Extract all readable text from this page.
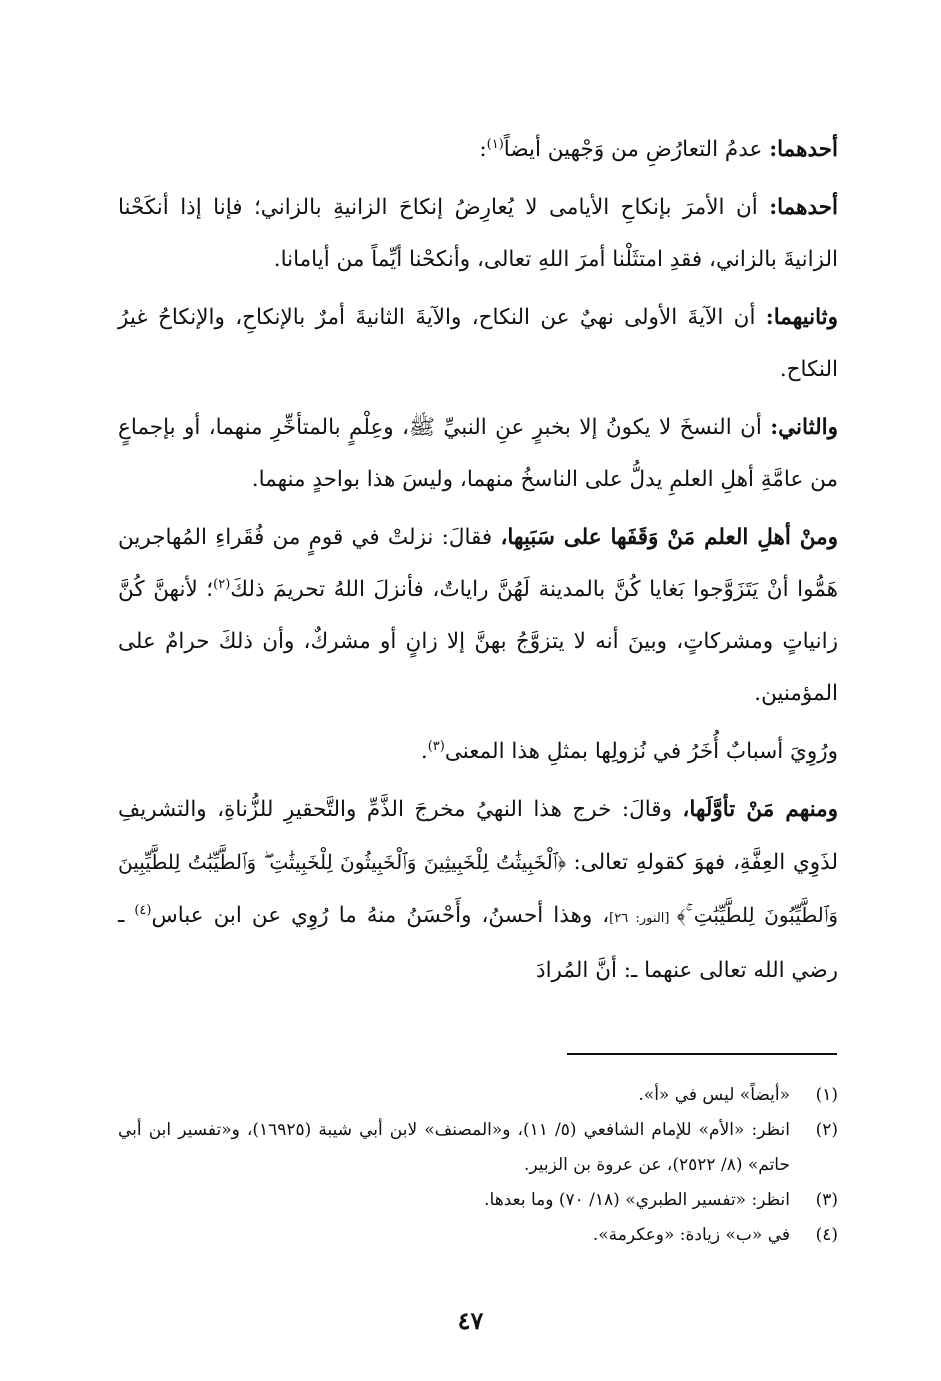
أحدهما: عدمُ التعارُضِ من وَجْهين أيضاً$^{(١)}$:

أحدهما: أن الأمرَ بإنكاحِ الأيامى لا يُعارِضُ إنكاحَ الزانيةِ بالزاني؛ فإنا إذا أنكَحْنا الزانيةَ بالزاني، فقدِ امتثَلْنا أمرَ اللهِ تعالى، وأنكحْنا أيِّماً من أيامانا.

وثانيهما: أن الآيةَ الأولى نهيٌ عن النكاح، والآيةَ الثانيةَ أمرٌ بالإنكاحِ، والإنكاحُ غيرُ النكاح.

والثاني: أن النسخَ لا يكونُ إلا بخبرٍ عنِ النبيِّ ﷺ، وعِلْمٍ بالمتأخِّرِ منهما، أو بإجماعٍ من عامَّةِ أهلِ العلمِ يدلُّ على الناسخُ منهما، وليسَ هذا بواحدٍ منهما.

ومنْ أهلِ العلم مَنْ وَقَفَها على سَبَبِها، فقالَ: نزلتْ في قومٍ من فُقَراءِ المُهاجرين هَمُّوا أنْ يَتَزَوَّجوا بَغايا كُنَّ بالمدينة لَهُنَّ راياتٌ، فأنزلَ اللهُ تحريمَ ذلكَ$^{(٢)}$؛ لأنهنَّ كُنَّ زانياتٍ ومشركاتٍ، وبينَ أنه لا يتزوَّجُ بهنَّ إلا زانٍ أو مشركٌ، وأن ذلكَ حرامٌ على المؤمنين.

ورُوِيَ أسبابٌ أُخَرُ في نُزولِها بمثلِ هذا المعنى$^{(٣)}$.

ومنهم مَنْ تأوَّلَها، وقالَ: خرج هذا النهيُ مخرجَ الذَّمِّ والتَّحقيرِ للزُّناةِ، والتشريفِ لذَوِي العِفَّةِ، فهوَ كقولهِ تعالى: ﴿ٱلْخَبِيثَٰتُ لِلْخَبِيثِينَ وَٱلْخَبِيثُونَ لِلْخَبِيثَٰتِ ۖ وَٱلطَّيِّبَٰتُ لِلطَّيِّبِينَ وَٱلطَّيِّبُونَ لِلطَّيِّبَٰتِ ۚ﴾ [النور: ٢٦]، وهذا أحسنُ، وأَحْسَنُ منهُ ما رُوِي عن ابن عباس$^{(٤)}$ ـ رضي الله تعالى عنهما ـ: أنَّ المُرادَ

(١)
«أيضاً» ليس في «أ».
(٢)
انظر: «الأم» للإمام الشافعي (٥/ ١١)، و«المصنف» لابن أبي شيبة (١٦٩٢٥)، و«تفسير ابن أبي حاتم» (٨/ ٢٥٢٢)، عن عروة بن الزبير.
(٣)
انظر: «تفسير الطبري» (١٨/ ٧٠) وما بعدها.
(٤)
في «ب» زيادة: «وعكرمة».
٤٧
